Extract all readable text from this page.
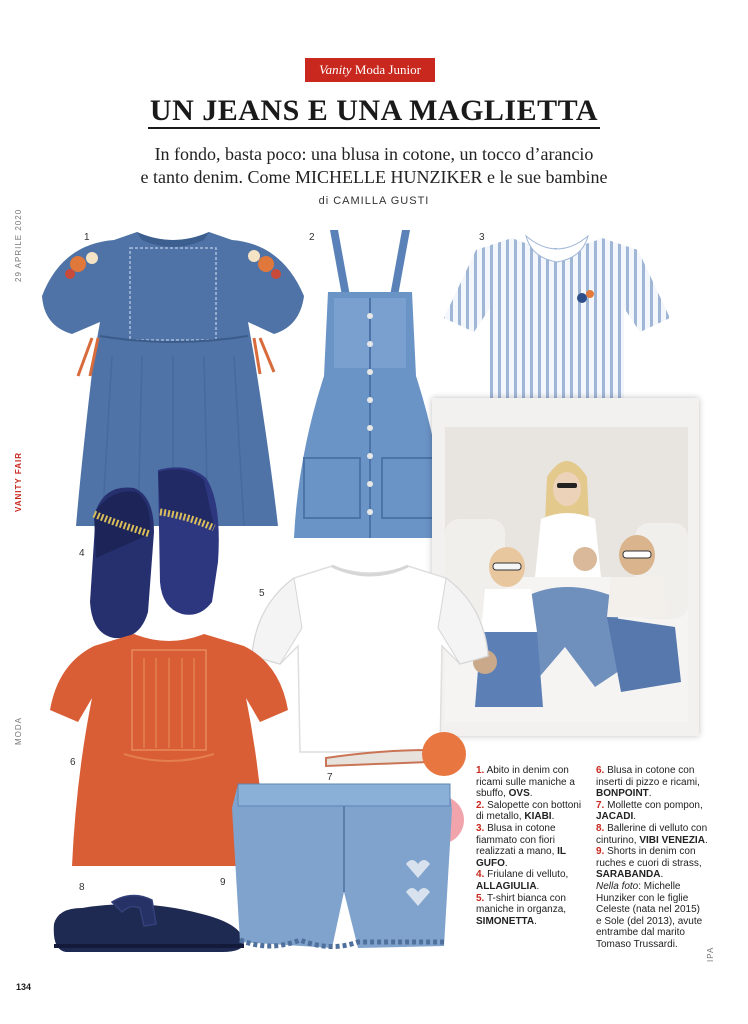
Vanity Moda Junior
UN JEANS E UNA MAGLIETTA
In fondo, basta poco: una blusa in cotone, un tocco d’arancio
e tanto denim. Come MICHELLE HUNZIKER e le sue bambine
di CAMILLA GUSTI
29 APRILE 2020
VANITY FAIR
MODA
IPA
1	2	3
4
5
6
7
8	9

1. Abito in denim con ricami sulle maniche a sbuffo, OVS.

2. Salopette con bottoni di metallo, KIABI.

3. Blusa in cotone fiammato con fiori realizzati a mano, IL GUFO.

4. Friulane di velluto, ALLAGIULIA.

5. T-shirt bianca con maniche in organza, SIMONETTA.

6. Blusa in cotone con inserti di pizzo e ricami, BONPOINT.

7. Mollette con pompon, JACADI.

8. Ballerine di velluto con cinturino, VIBI VENEZIA.

9. Shorts in denim con ruches e cuori di strass, SARABANDA.

Nella foto: Michelle Hunziker con le figlie Celeste (nata nel 2015) e Sole (del 2013), avute entrambe dal marito Tomaso Trussardi.

134
